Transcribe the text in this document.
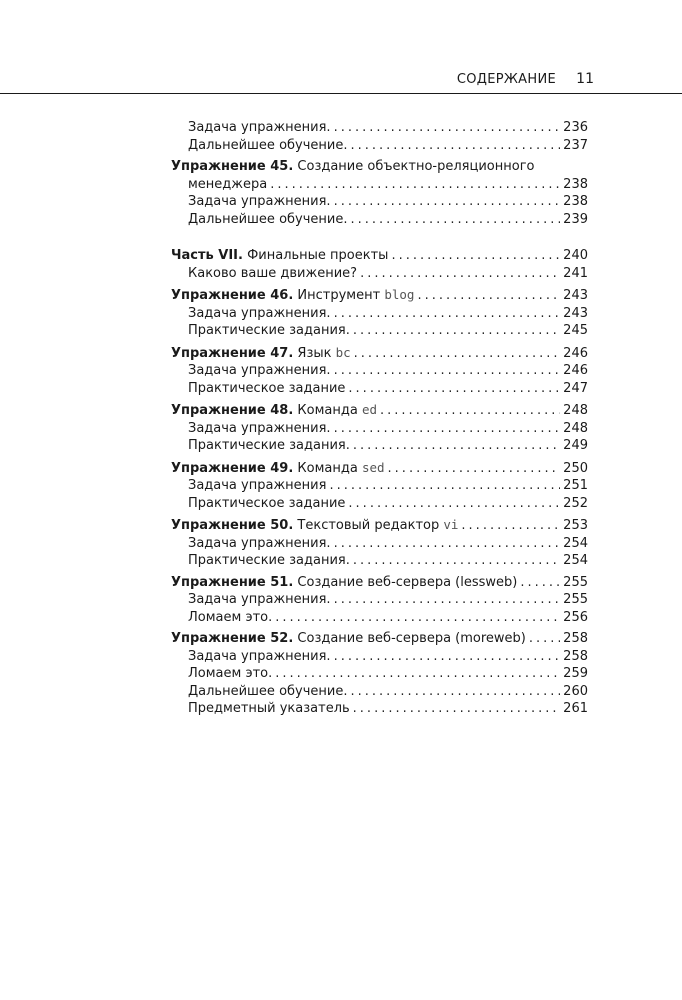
СОДЕРЖАНИЕ 11
Задача упражнения. .....	236
Дальнейшее обучение. .....	237
Упражнение 45. Создание объектно-реляционного
менеджера .....	238
Задача упражнения. .....	238
Дальнейшее обучение. .....	239
Часть VII. Финальные проекты .....	240
Каково ваше движение? .....	241
Упражнение 46. Инструмент blog .....	243
Задача упражнения. .....	243
Практические задания. .....	245
Упражнение 47. Язык bc .....	246
Задача упражнения. .....	246
Практическое задание .....	247
Упражнение 48. Команда ed .....	248
Задача упражнения. .....	248
Практические задания. .....	249
Упражнение 49. Команда sed .....	250
Задача упражнения .....	251
Практическое задание .....	252
Упражнение 50. Текстовый редактор vi .....	253
Задача упражнения. .....	254
Практические задания. .....	254
Упражнение 51. Создание веб-сервера (lessweb) .....	255
Задача упражнения. .....	255
Ломаем это. .....	256
Упражнение 52. Создание веб-сервера (moreweb) .....	258
Задача упражнения. .....	258
Ломаем это. .....	259
Дальнейшее обучение. .....	260
Предметный указатель .....	261
